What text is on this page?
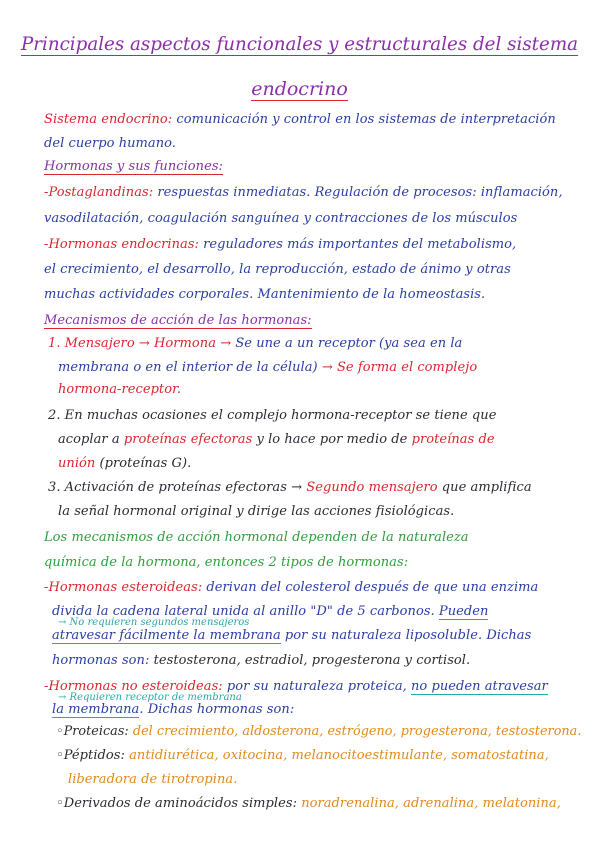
Principales aspectos funcionales y estructurales del sistema
endocrino
Sistema endocrino: comunicación y control en los sistemas de interpretación
del cuerpo humano.
Hormonas y sus funciones:
-Postaglandinas: respuestas inmediatas. Regulación de procesos: inflamación,
vasodilatación, coagulación sanguínea y contracciones de los músculos
-Hormonas endocrinas: reguladores más importantes del metabolismo,
el crecimiento, el desarrollo, la reproducción, estado de ánimo y otras
muchas actividades corporales. Mantenimiento de la homeostasis.
Mecanismos de acción de las hormonas:
1. Mensajero → Hormona → Se une a un receptor (ya sea en la
membrana o en el interior de la célula) → Se forma el complejo
hormona-receptor.
2. En muchas ocasiones el complejo hormona-receptor se tiene que
acoplar a proteínas efectoras y lo hace por medio de proteínas de
unión (proteínas G).
3. Activación de proteínas efectoras → Segundo mensajero que amplifica
la señal hormonal original y dirige las acciones fisiológicas.
Los mecanismos de acción hormonal dependen de la naturaleza
química de la hormona, entonces 2 tipos de hormonas:
-Hormonas esteroideas: derivan del colesterol después de que una enzima
divida la cadena lateral unida al anillo "D" de 5 carbonos. Pueden
→ No requieren segundos mensajeros
atravesar fácilmente la membrana por su naturaleza liposoluble. Dichas
hormonas son: testosterona, estradiol, progesterona y cortisol.
-Hormonas no esteroideas: por su naturaleza proteica, no pueden atravesar
→ Requieren receptor de membrana
la membrana. Dichas hormonas son:
◦Proteicas: del crecimiento, aldosterona, estrógeno, progesterona, testosterona.
◦Péptidos: antidiurética, oxitocina, melanocitoestimulante, somatostatina,
liberadora de tirotropina.
◦Derivados de aminoácidos simples: noradrenalina, adrenalina, melatonina,
